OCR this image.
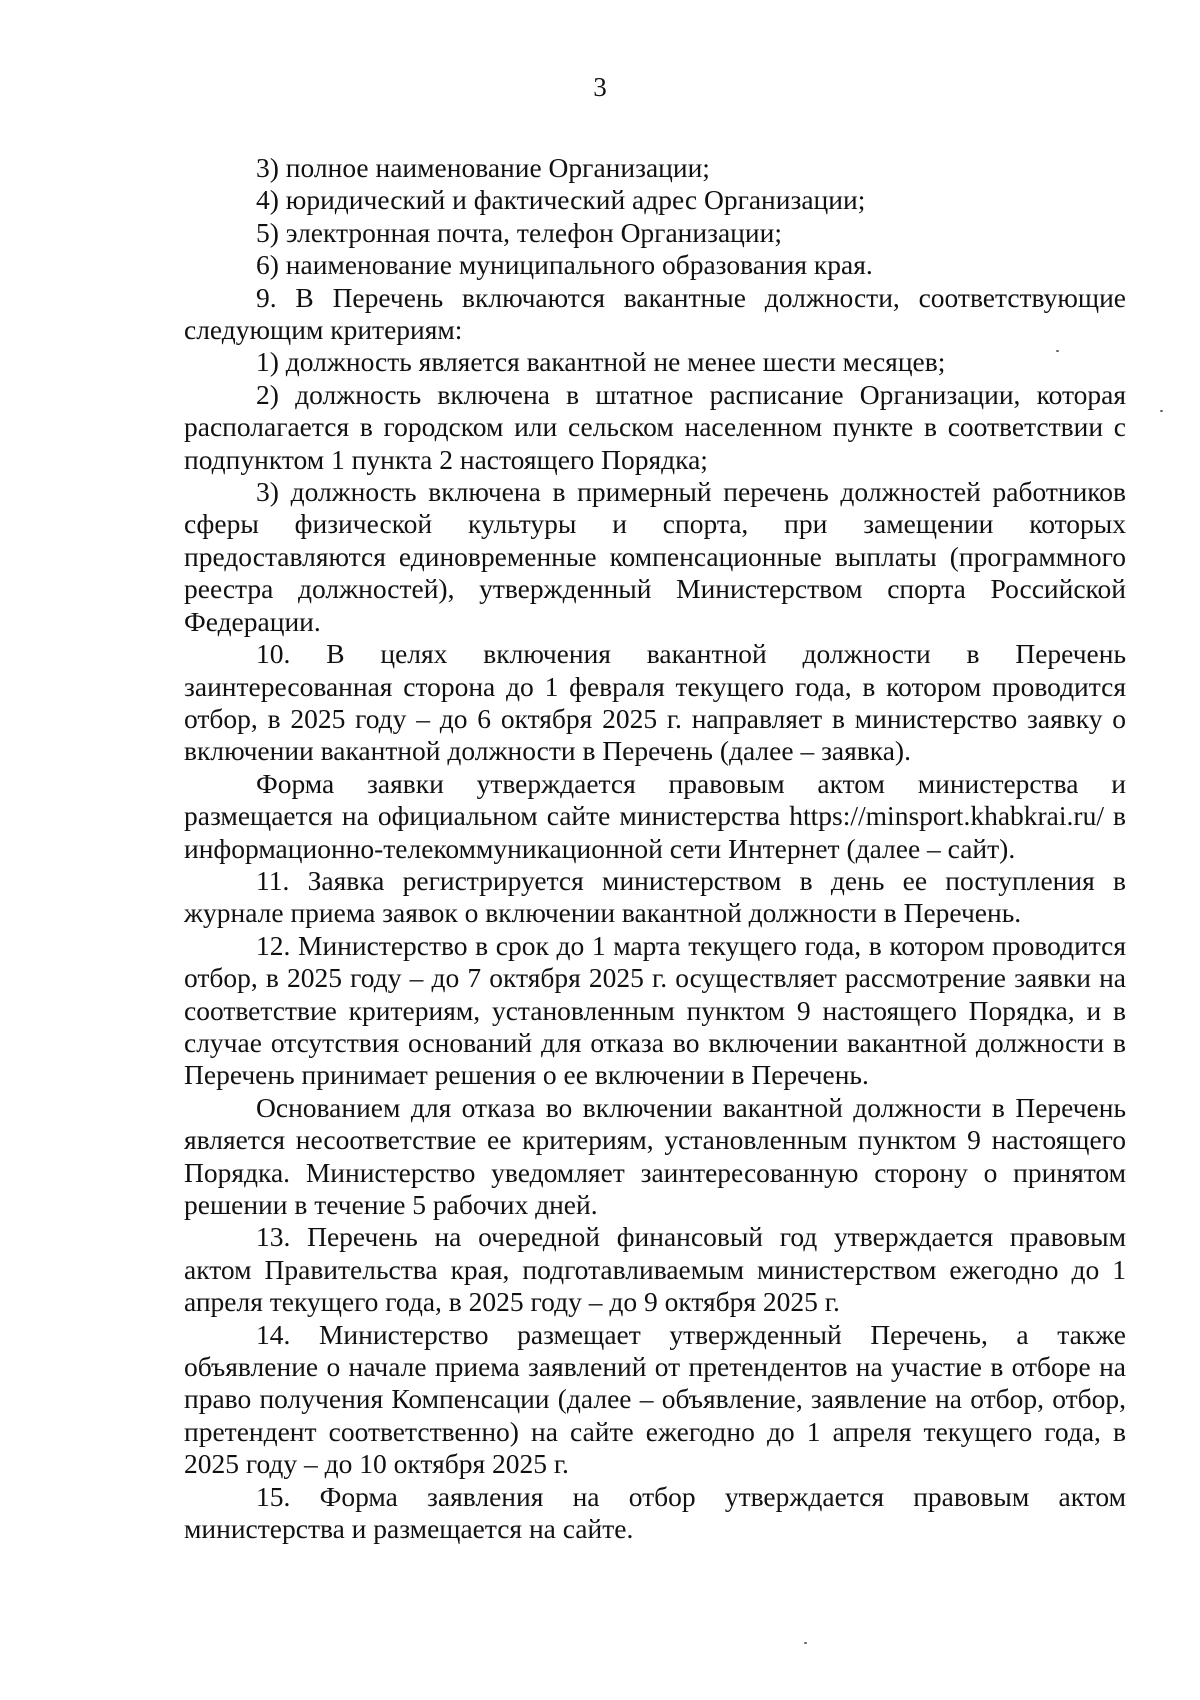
3

3) полное наименование Организации;

4) юридический и фактический адрес Организации;

5) электронная почта, телефон Организации;

6) наименование муниципального образования края.

9. В Перечень включаются вакантные должности, соответствующие следующим критериям:

1) должность является вакантной не менее шести месяцев;

2) должность включена в штатное расписание Организации, которая располагается в городском или сельском населенном пункте в соответствии с подпунктом 1 пункта 2 настоящего Порядка;

3) должность включена в примерный перечень должностей работников сферы физической культуры и спорта, при замещении которых предоставляются единовременные компенсационные выплаты (программного реестра должностей), утвержденный Министерством спорта Российской Федерации.

10. В целях включения вакантной должности в Перечень заинтересованная сторона до 1 февраля текущего года, в котором проводится отбор, в 2025 году – до 6 октября 2025 г. направляет в министерство заявку о включении вакантной должности в Перечень (далее – заявка).

Форма заявки утверждается правовым актом министерства и размещается на официальном сайте министерства https://minsport.khabkrai.ru/ в информационно-телекоммуникационной сети Интернет (далее – сайт).

11. Заявка регистрируется министерством в день ее поступления в журнале приема заявок о включении вакантной должности в Перечень.

12. Министерство в срок до 1 марта текущего года, в котором проводится отбор, в 2025 году – до 7 октября 2025 г. осуществляет рассмотрение заявки на соответствие критериям, установленным пунктом 9 настоящего Порядка, и в случае отсутствия оснований для отказа во включении вакантной должности в Перечень принимает решения о ее включении в Перечень.

Основанием для отказа во включении вакантной должности в Перечень является несоответствие ее критериям, установленным пунктом 9 настоящего Порядка. Министерство уведомляет заинтересованную сторону о принятом решении в течение 5 рабочих дней.

13. Перечень на очередной финансовый год утверждается правовым актом Правительства края, подготавливаемым министерством ежегодно до 1 апреля текущего года, в 2025 году – до 9 октября 2025 г.

14. Министерство размещает утвержденный Перечень, а также объявление о начале приема заявлений от претендентов на участие в отборе на право получения Компенсации (далее – объявление, заявление на отбор, отбор, претендент соответственно) на сайте ежегодно до 1 апреля текущего года, в 2025 году – до 10 октября 2025 г.

15. Форма заявления на отбор утверждается правовым актом министерства и размещается на сайте.
